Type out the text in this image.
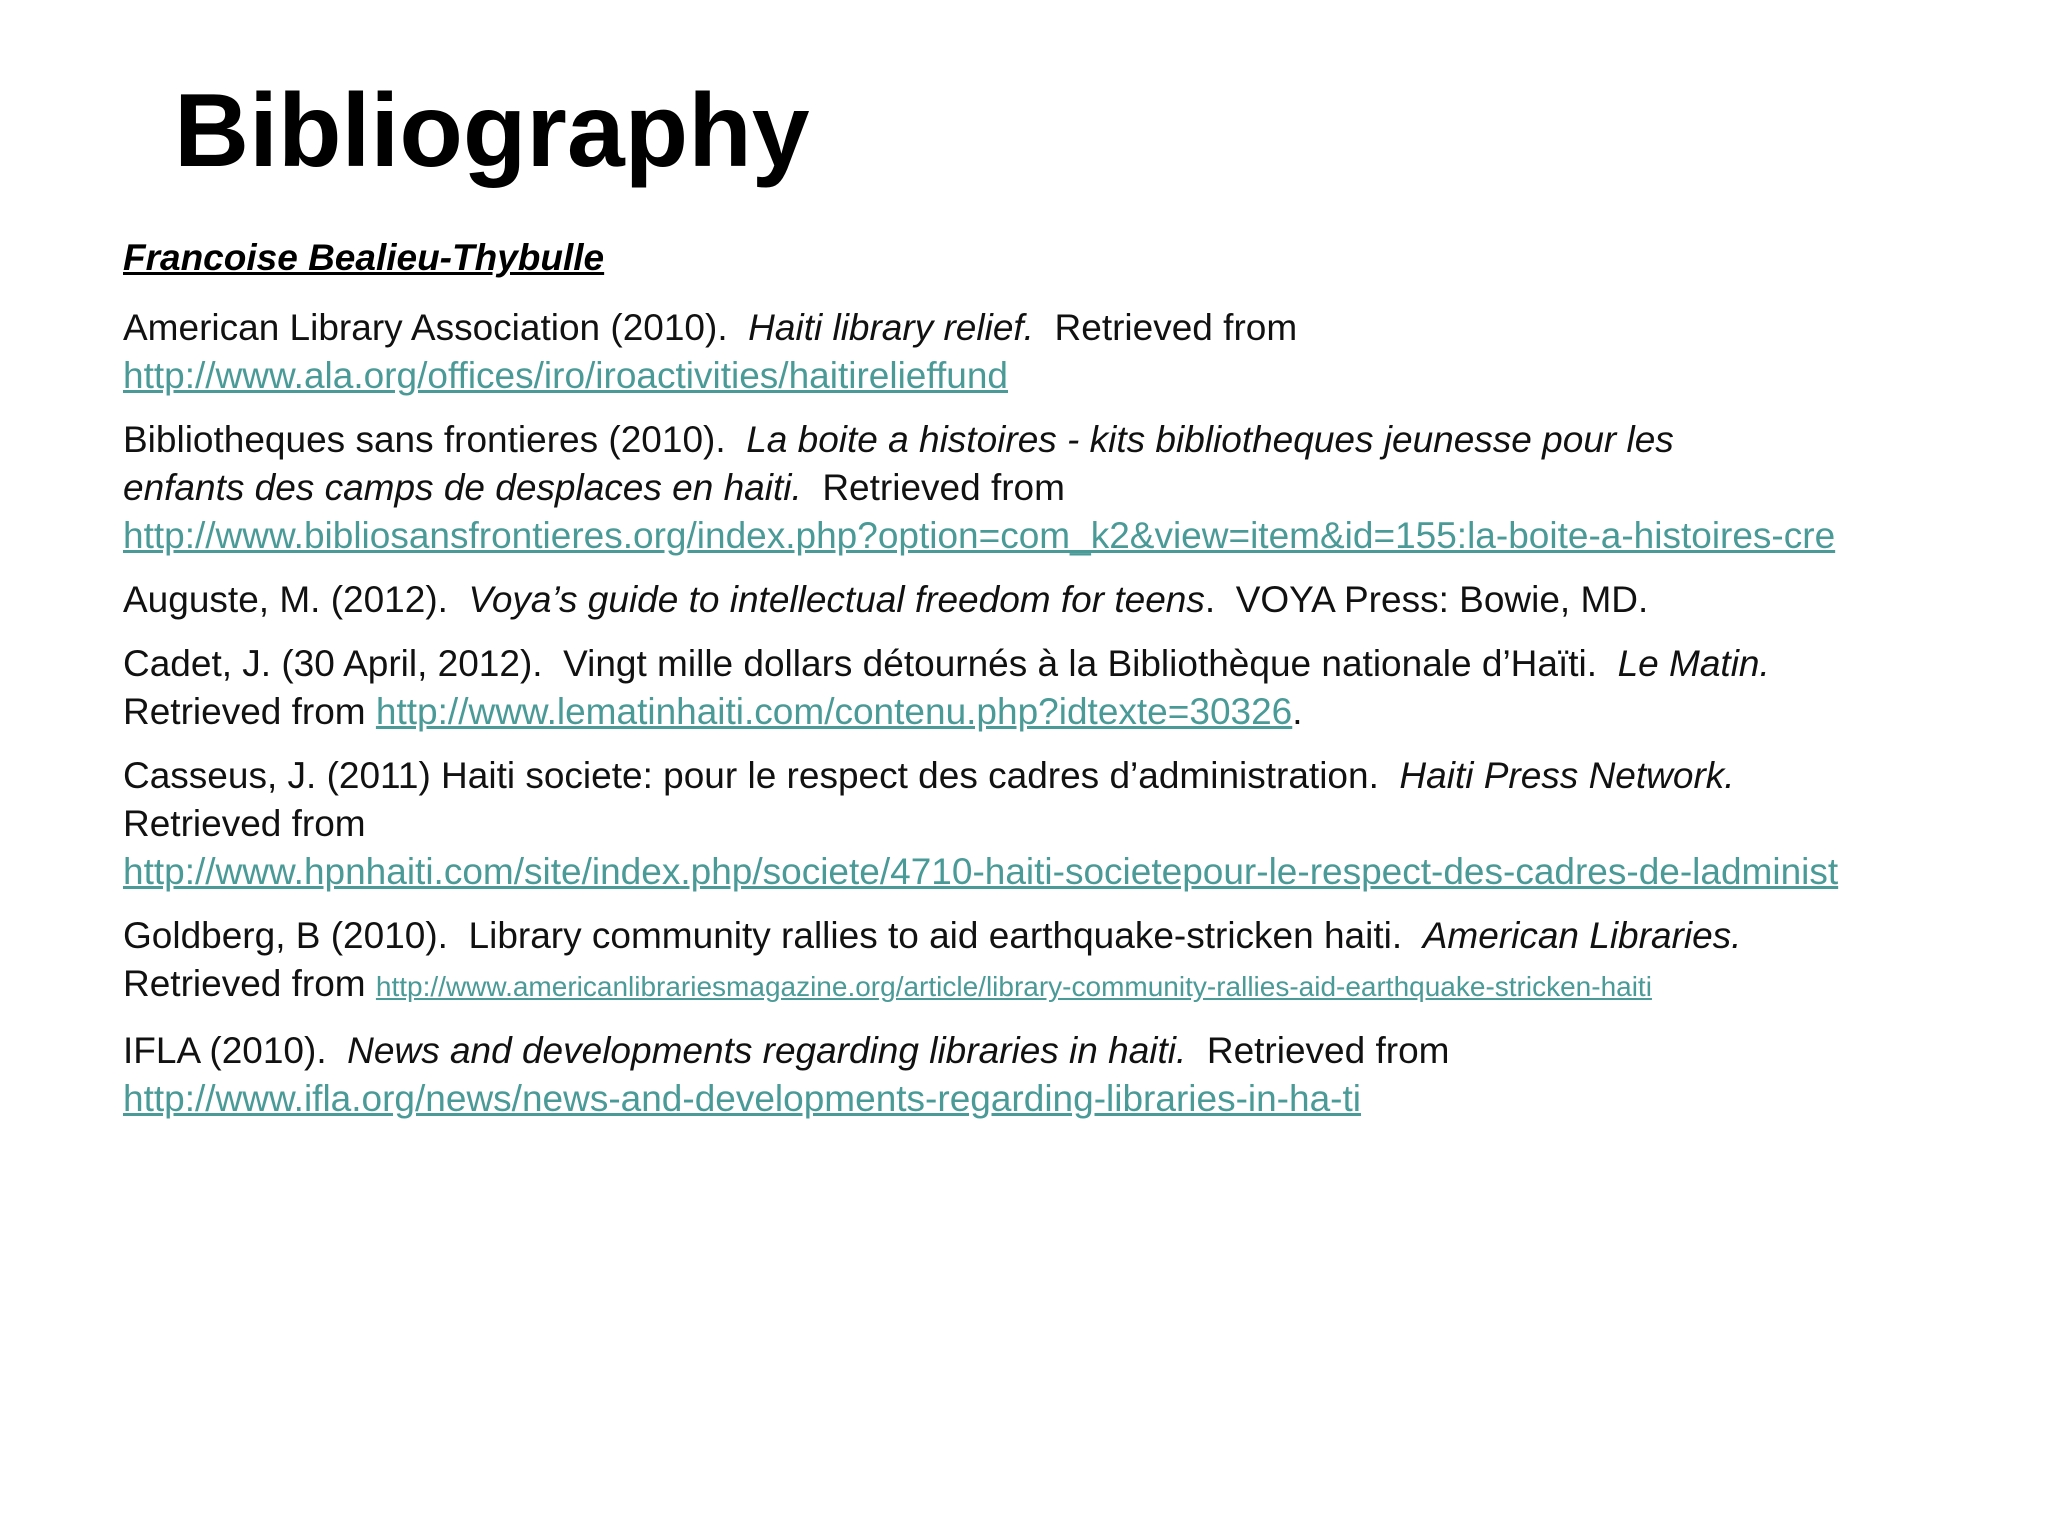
Bibliography
Francoise Bealieu-Thybulle
American Library Association (2010).  Haiti library relief.  Retrieved from
http://www.ala.org/offices/iro/iroactivities/haitirelieffund
Bibliotheques sans frontieres (2010).  La boite a histoires - kits bibliotheques jeunesse pour les
enfants des camps de desplaces en haiti.  Retrieved from
http://www.bibliosansfrontieres.org/index.php?option=com_k2&view=item&id=155:la-boite-a-histoires-cre
Auguste, M. (2012).  Voya’s guide to intellectual freedom for teens.  VOYA Press: Bowie, MD.
Cadet, J. (30 April, 2012).  Vingt mille dollars détournés à la Bibliothèque nationale d’Haïti.  Le Matin.
Retrieved from http://www.lematinhaiti.com/contenu.php?idtexte=30326.
Casseus, J. (2011) Haiti societe: pour le respect des cadres d’administration.  Haiti Press Network.
Retrieved from
http://www.hpnhaiti.com/site/index.php/societe/4710-haiti-societepour-le-respect-des-cadres-de-ladminist
Goldberg, B (2010).  Library community rallies to aid earthquake-stricken haiti.  American Libraries.
Retrieved from http://www.americanlibrariesmagazine.org/article/library-community-rallies-aid-earthquake-stricken-haiti
IFLA (2010).  News and developments regarding libraries in haiti.  Retrieved from
http://www.ifla.org/news/news-and-developments-regarding-libraries-in-ha-ti
